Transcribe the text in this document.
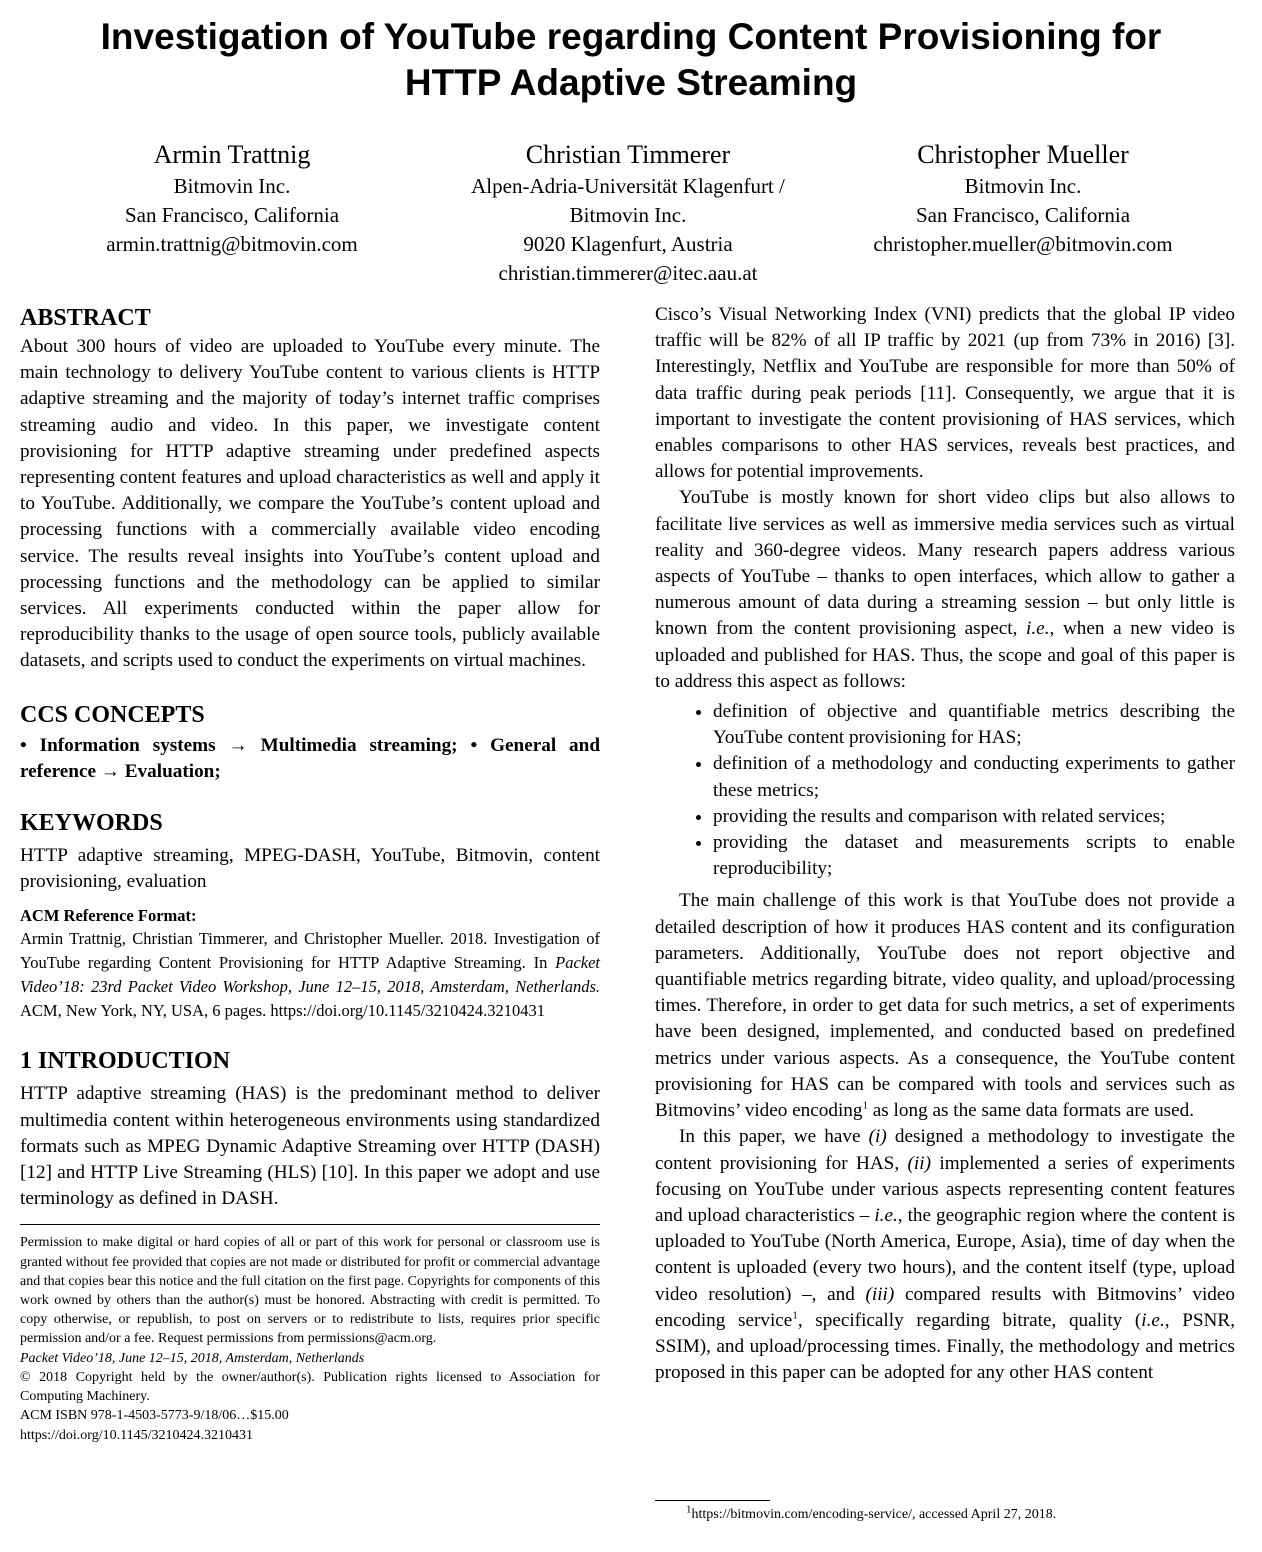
Investigation of YouTube regarding Content Provisioning for
HTTP Adaptive Streaming
Armin Trattnig
Bitmovin Inc.
San Francisco, California
armin.trattnig@bitmovin.com
Christian Timmerer
Alpen-Adria-Universität Klagenfurt /
Bitmovin Inc.
9020 Klagenfurt, Austria
christian.timmerer@itec.aau.at
Christopher Mueller
Bitmovin Inc.
San Francisco, California
christopher.mueller@bitmovin.com
ABSTRACT

About 300 hours of video are uploaded to YouTube every minute. The main technology to delivery YouTube content to various clients is HTTP adaptive streaming and the majority of today’s internet traffic comprises streaming audio and video. In this paper, we investigate content provisioning for HTTP adaptive streaming under predefined aspects representing content features and upload characteristics as well and apply it to YouTube. Additionally, we compare the YouTube’s content upload and processing functions with a commercially available video encoding service. The results reveal insights into YouTube’s content upload and processing functions and the methodology can be applied to similar services. All experiments conducted within the paper allow for reproducibility thanks to the usage of open source tools, publicly available datasets, and scripts used to conduct the experiments on virtual machines.

CCS CONCEPTS

• Information systems → Multimedia streaming; • General and reference → Evaluation;

KEYWORDS

HTTP adaptive streaming, MPEG-DASH, YouTube, Bitmovin, content provisioning, evaluation

ACM Reference Format:
Armin Trattnig, Christian Timmerer, and Christopher Mueller. 2018. Investigation of YouTube regarding Content Provisioning for HTTP Adaptive Streaming. In Packet Video’18: 23rd Packet Video Workshop, June 12–15, 2018, Amsterdam, Netherlands. ACM, New York, NY, USA, 6 pages. https://doi.org/10.1145/3210424.3210431
1 INTRODUCTION

HTTP adaptive streaming (HAS) is the predominant method to deliver multimedia content within heterogeneous environments using standardized formats such as MPEG Dynamic Adaptive Streaming over HTTP (DASH) [12] and HTTP Live Streaming (HLS) [10]. In this paper we adopt and use terminology as defined in DASH.

Permission to make digital or hard copies of all or part of this work for personal or classroom use is granted without fee provided that copies are not made or distributed for profit or commercial advantage and that copies bear this notice and the full citation on the first page. Copyrights for components of this work owned by others than the author(s) must be honored. Abstracting with credit is permitted. To copy otherwise, or republish, to post on servers or to redistribute to lists, requires prior specific permission and/or a fee. Request permissions from permissions@acm.org.

Packet Video’18, June 12–15, 2018, Amsterdam, Netherlands

© 2018 Copyright held by the owner/author(s). Publication rights licensed to Association for Computing Machinery.

ACM ISBN 978-1-4503-5773-9/18/06…$15.00

https://doi.org/10.1145/3210424.3210431

Cisco’s Visual Networking Index (VNI) predicts that the global IP video traffic will be 82% of all IP traffic by 2021 (up from 73% in 2016) [3]. Interestingly, Netflix and YouTube are responsible for more than 50% of data traffic during peak periods [11]. Consequently, we argue that it is important to investigate the content provisioning of HAS services, which enables comparisons to other HAS services, reveals best practices, and allows for potential improvements.

YouTube is mostly known for short video clips but also allows to facilitate live services as well as immersive media services such as virtual reality and 360-degree videos. Many research papers address various aspects of YouTube – thanks to open interfaces, which allow to gather a numerous amount of data during a streaming session – but only little is known from the content provisioning aspect, i.e., when a new video is uploaded and published for HAS. Thus, the scope and goal of this paper is to address this aspect as follows:

• definition of objective and quantifiable metrics describing the YouTube content provisioning for HAS;
• definition of a methodology and conducting experiments to gather these metrics;
• providing the results and comparison with related services;
• providing the dataset and measurements scripts to enable reproducibility;

The main challenge of this work is that YouTube does not provide a detailed description of how it produces HAS content and its configuration parameters. Additionally, YouTube does not report objective and quantifiable metrics regarding bitrate, video quality, and upload/processing times. Therefore, in order to get data for such metrics, a set of experiments have been designed, implemented, and conducted based on predefined metrics under various aspects. As a consequence, the YouTube content provisioning for HAS can be compared with tools and services such as Bitmovins’ video encoding$^1$ as long as the same data formats are used.

In this paper, we have (i) designed a methodology to investigate the content provisioning for HAS, (ii) implemented a series of experiments focusing on YouTube under various aspects representing content features and upload characteristics – i.e., the geographic region where the content is uploaded to YouTube (North America, Europe, Asia), time of day when the content is uploaded (every two hours), and the content itself (type, upload video resolution) –, and (iii) compared results with Bitmovins’ video encoding service$^1$, specifically regarding bitrate, quality (i.e., PSNR, SSIM), and upload/processing times. Finally, the methodology and metrics proposed in this paper can be adopted for any other HAS content

$^1$https://bitmovin.com/encoding-service/, accessed April 27, 2018.
